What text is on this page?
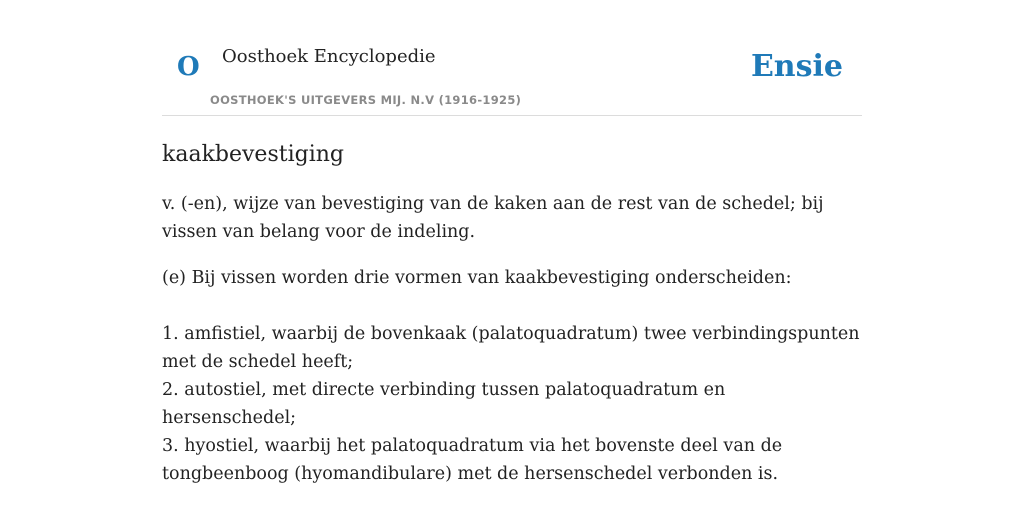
O Oosthoek Encyclopedie
OOSTHOEK'S UITGEVERS MIJ. N.V (1916-1925)
Ensie
kaakbevestiging

v. (-en), wijze van bevestiging van de kaken aan de rest van de schedel; bij vissen van belang voor de indeling.

(e) Bij vissen worden drie vormen van kaakbevestiging onderscheiden:

1. amfistiel, waarbij de bovenkaak (palatoquadratum) twee verbindingspunten met de schedel heeft;
2. autostiel, met directe verbinding tussen palatoquadratum en hersenschedel;
3. hyostiel, waarbij het palatoquadratum via het bovenste deel van de tongbeenboog (hyomandibulare) met de hersenschedel verbonden is.
